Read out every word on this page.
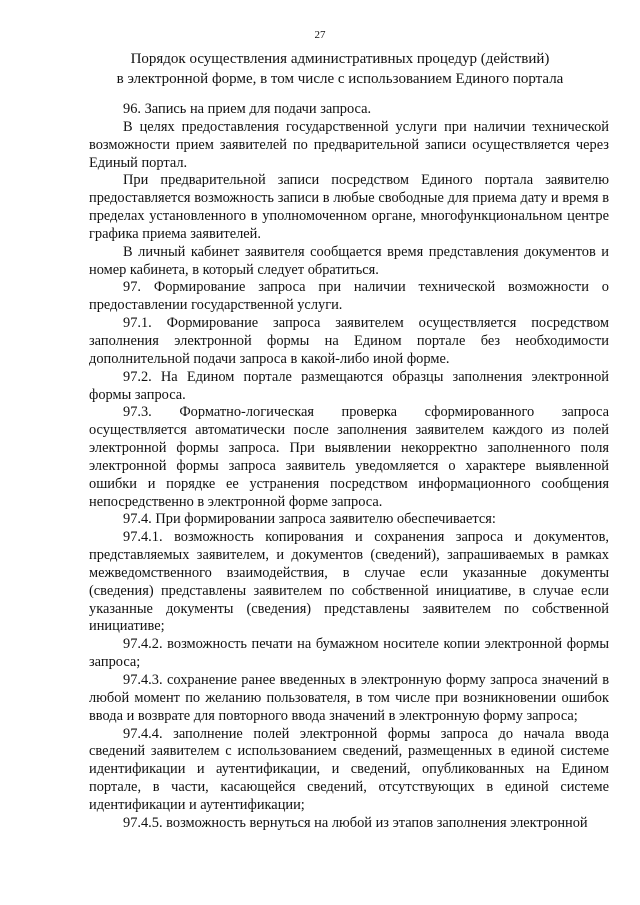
27
Порядок осуществления административных процедур (действий)
в электронной форме, в том числе с использованием Единого портала

96. Запись на прием для подачи запроса.

В целях предоставления государственной услуги при наличии технической возможности прием заявителей по предварительной записи осуществляется через Единый портал.

При предварительной записи посредством Единого портала заявителю предоставляется возможность записи в любые свободные для приема дату и время в пределах установленного в уполномоченном органе, многофункциональном центре графика приема заявителей.

В личный кабинет заявителя сообщается время представления документов и номер кабинета, в который следует обратиться.

97. Формирование запроса при наличии технической возможности о предоставлении государственной услуги.

97.1. Формирование запроса заявителем осуществляется посредством заполнения электронной формы на Едином портале без необходимости дополнительной подачи запроса в какой-либо иной форме.

97.2. На Едином портале размещаются образцы заполнения электронной формы запроса.

97.3. Форматно-логическая проверка сформированного запроса осуществляется автоматически после заполнения заявителем каждого из полей электронной формы запроса. При выявлении некорректно заполненного поля электронной формы запроса заявитель уведомляется о характере выявленной ошибки и порядке ее устранения посредством информационного сообщения непосредственно в электронной форме запроса.

97.4. При формировании запроса заявителю обеспечивается:

97.4.1. возможность копирования и сохранения запроса и документов, представляемых заявителем, и документов (сведений), запрашиваемых в рамках межведомственного взаимодействия, в случае если указанные документы (сведения) представлены заявителем по собственной инициативе, в случае если указанные документы (сведения) представлены заявителем по собственной инициативе;

97.4.2. возможность печати на бумажном носителе копии электронной формы запроса;

97.4.3. сохранение ранее введенных в электронную форму запроса значений в любой момент по желанию пользователя, в том числе при возникновении ошибок ввода и возврате для повторного ввода значений в электронную форму запроса;

97.4.4. заполнение полей электронной формы запроса до начала ввода сведений заявителем с использованием сведений, размещенных в единой системе идентификации и аутентификации, и сведений, опубликованных на Едином портале, в части, касающейся сведений, отсутствующих в единой системе идентификации и аутентификации;

97.4.5. возможность вернуться на любой из этапов заполнения электронной
